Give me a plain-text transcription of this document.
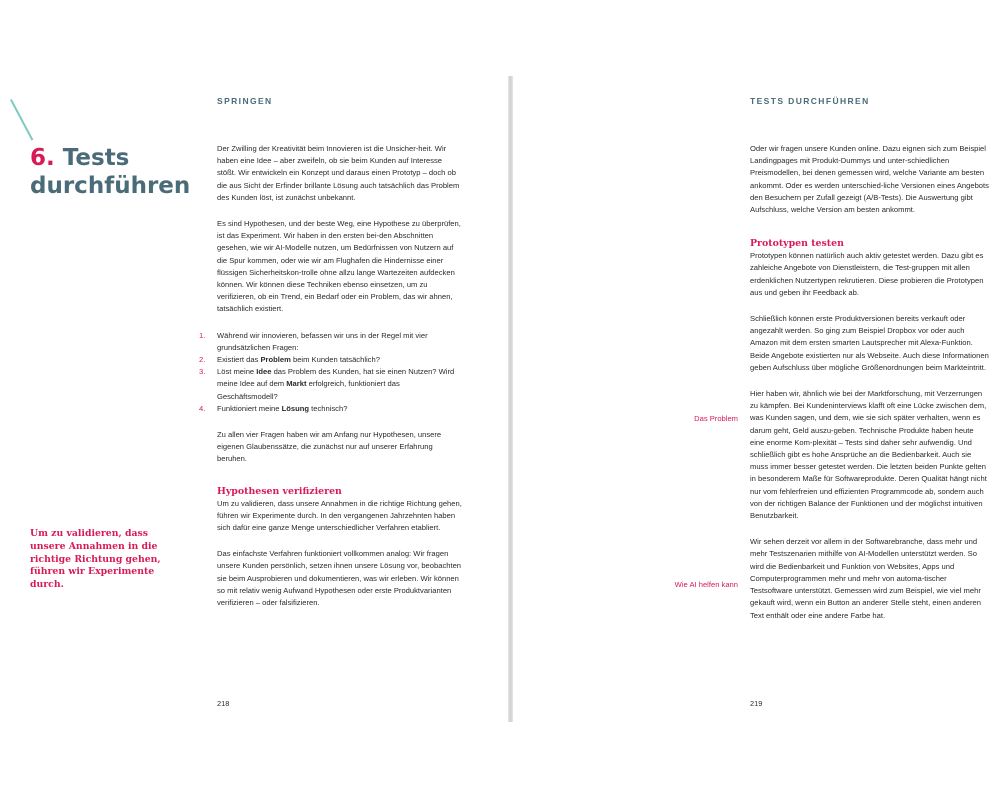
SPRINGEN
6. Tests
durchführen
Um zu validieren, dass unsere Annahmen in die richtige Richtung gehen, führen wir Experimente durch.

Der Zwilling der Kreativität beim Innovieren ist die Unsicher-heit. Wir haben eine Idee – aber zweifeln, ob sie beim Kunden auf Interesse stößt. Wir entwickeln ein Konzept und daraus einen Prototyp – doch ob die aus Sicht der Erfinder brillante Lösung auch tatsächlich das Problem des Kunden löst, ist zunächst unbekannt.

Es sind Hypothesen, und der beste Weg, eine Hypothese zu überprüfen, ist das Experiment. Wir haben in den ersten bei-den Abschnitten gesehen, wie wir AI-Modelle nutzen, um Bedürfnissen von Nutzern auf die Spur kommen, oder wie wir am Flughafen die Hindernisse einer flüssigen Sicherheitskon-trolle ohne allzu lange Wartezeiten aufdecken können. Wir können diese Techniken ebenso einsetzen, um zu verifizieren, ob ein Trend, ein Bedarf oder ein Problem, das wir ahnen, tatsächlich existiert.

1. Während wir innovieren, befassen wir uns in der Regel mit vier grundsätzlichen Fragen:
2. Existiert das Problem beim Kunden tatsächlich?
3. Löst meine Idee das Problem des Kunden, hat sie einen Nutzen? Wird meine Idee auf dem Markt erfolgreich, funktioniert das Geschäftsmodell?
4. Funktioniert meine Lösung technisch?

Zu allen vier Fragen haben wir am Anfang nur Hypothesen, unsere eigenen Glaubenssätze, die zunächst nur auf unserer Erfahrung beruhen.

Hypothesen verifizieren

Um zu validieren, dass unsere Annahmen in die richtige Richtung gehen, führen wir Experimente durch. In den vergangenen Jahrzehnten haben sich dafür eine ganze Menge unterschiedlicher Verfahren etabliert.

Das einfachste Verfahren funktioniert vollkommen analog: Wir fragen unsere Kunden persönlich, setzen ihnen unsere Lösung vor, beobachten sie beim Ausprobieren und dokumentieren, was wir erleben. Wir können so mit relativ wenig Aufwand Hypothesen oder erste Produktvarianten verifizieren – oder falsifizieren.

218
TESTS DURCHFÜHREN

Oder wir fragen unsere Kunden online. Dazu eignen sich zum Beispiel Landingpages mit Produkt-Dummys und unter-schiedlichen Preismodellen, bei denen gemessen wird, welche Variante am besten ankommt. Oder es werden unterschied-liche Versionen eines Angebots den Besuchern per Zufall gezeigt (A/B-Tests). Die Auswertung gibt Aufschluss, welche Version am besten ankommt.

Prototypen testen

Prototypen können natürlich auch aktiv getestet werden. Dazu gibt es zahleiche Angebote von Dienstleistern, die Test-gruppen mit allen erdenklichen Nutzertypen rekrutieren. Diese probieren die Prototypen aus und geben ihr Feedback ab.

Schließlich können erste Produktversionen bereits verkauft oder angezahlt werden. So ging zum Beispiel Dropbox vor oder auch Amazon mit dem ersten smarten Lautsprecher mit Alexa-Funktion. Beide Angebote existierten nur als Webseite. Auch diese Informationen geben Aufschluss über mögliche Größenordnungen beim Markteintritt.

Hier haben wir, ähnlich wie bei der Marktforschung, mit Verzerrungen zu kämpfen. Bei Kundeninterviews klafft oft eine Lücke zwischen dem, was Kunden sagen, und dem, wie sie sich später verhalten, wenn es darum geht, Geld auszu-geben. Technische Produkte haben heute eine enorme Kom-plexität – Tests sind daher sehr aufwendig. Und schließlich gibt es hohe Ansprüche an die Bedienbarkeit. Auch sie muss immer besser getestet werden. Die letzten beiden Punkte gelten in besonderem Maße für Softwareprodukte. Deren Qualität hängt nicht nur vom fehlerfreien und effizienten Programmcode ab, sondern auch von der richtigen Balance der Funktionen und der möglichst intuitiven Benutzbarkeit.

Wir sehen derzeit vor allem in der Softwarebranche, dass mehr und mehr Testszenarien mithilfe von AI-Modellen unterstützt werden. So wird die Bedienbarkeit und Funktion von Websites, Apps und Computerprogrammen mehr und mehr von automa-tischer Testsoftware unterstützt. Gemessen wird zum Beispiel, wie viel mehr gekauft wird, wenn ein Button an anderer Stelle steht, einen anderen Text enthält oder eine andere Farbe hat.

Das Problem
Wie AI helfen kann
219
